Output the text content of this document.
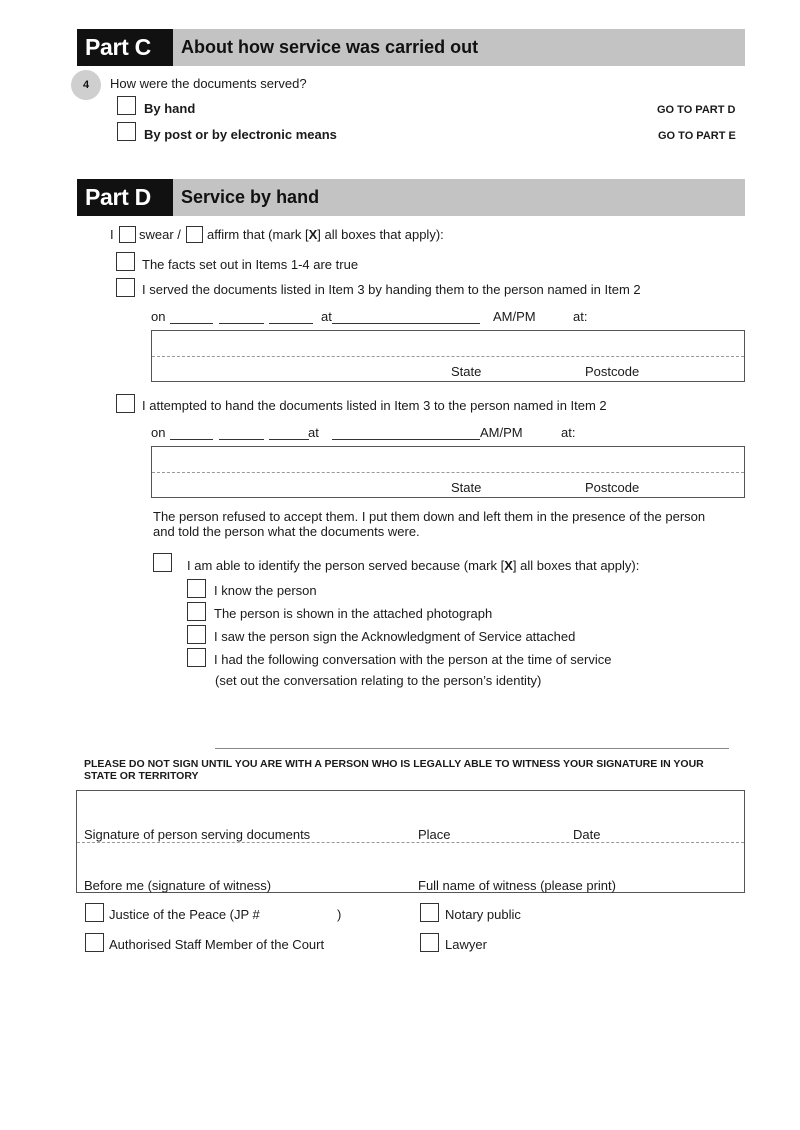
Part C	About how service was carried out
4	How were the documents served?
By hand	GO TO PART D
By post or by electronic means	GO TO PART E
Part D	Service by hand
I swear / affirm that (mark [X] all boxes that apply):
The facts set out in Items 1-4 are true
I served the documents listed in Item 3 by handing them to the person named in Item 2
on	at	AM/PM	at:
State	Postcode
I attempted to hand the documents listed in Item 3 to the person named in Item 2
on	at	AM/PM	at:
State	Postcode
The person refused to accept them. I put them down and left them in the presence of the person
and told the person what the documents were.
I am able to identify the person served because (mark [X] all boxes that apply):
I know the person
The person is shown in the attached photograph
I saw the person sign the Acknowledgment of Service attached
I had the following conversation with the person at the time of service
(set out the conversation relating to the person’s identity)
PLEASE DO NOT SIGN UNTIL YOU ARE WITH A PERSON WHO IS LEGALLY ABLE TO WITNESS YOUR SIGNATURE IN YOUR STATE OR TERRITORY
Signature of person serving documents	Place	Date
Before me (signature of witness)	Full name of witness (please print)
Justice of the Peace (JP #	)	Notary public
Authorised Staff Member of the Court	Lawyer
